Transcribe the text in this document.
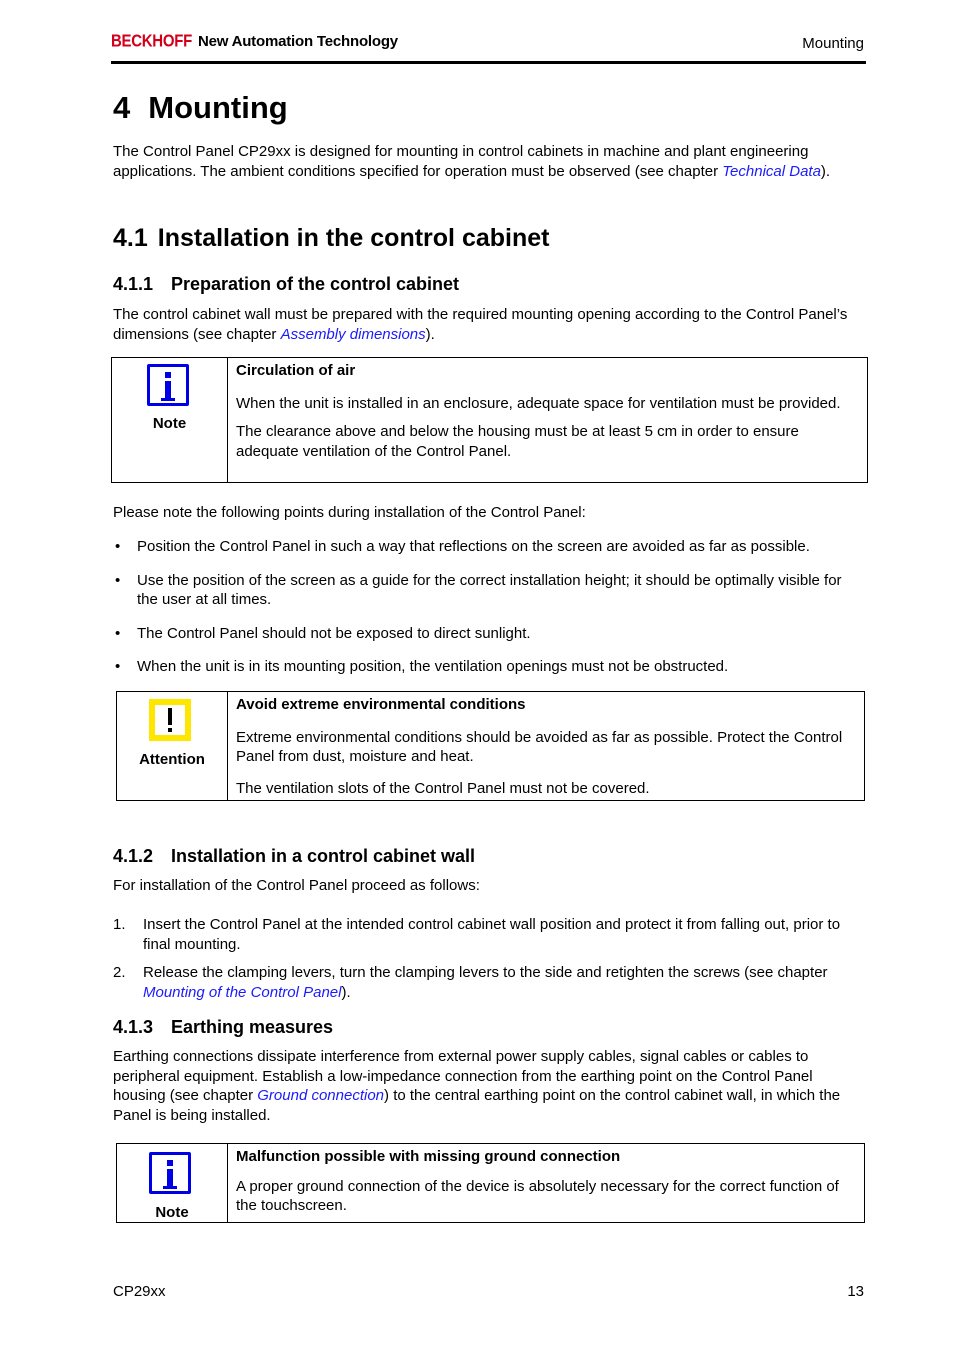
BECKHOFF New Automation Technology	Mounting
4 Mounting

The Control Panel CP29xx is designed for mounting in control cabinets in machine and plant engineering applications. The ambient conditions specified for operation must be observed (see chapter Technical Data).

4.1 Installation in the control cabinet
4.1.1 Preparation of the control cabinet

The control cabinet wall must be prepared with the required mounting opening according to the Control Panel’s dimensions (see chapter Assembly dimensions).

Note

Circulation of air

When the unit is installed in an enclosure, adequate space for ventilation must be provided.

The clearance above and below the housing must be at least 5 cm in order to ensure adequate ventilation of the Control Panel.

Please note the following points during installation of the Control Panel:

• Position the Control Panel in such a way that reflections on the screen are avoided as far as possible.
• Use the position of the screen as a guide for the correct installation height; it should be optimally visible for the user at all times.
• The Control Panel should not be exposed to direct sunlight.
• When the unit is in its mounting position, the ventilation openings must not be obstructed.
Attention

Avoid extreme environmental conditions

Extreme environmental conditions should be avoided as far as possible. Protect the Control Panel from dust, moisture and heat.

The ventilation slots of the Control Panel must not be covered.

4.1.2 Installation in a control cabinet wall

For installation of the Control Panel proceed as follows:

1. Insert the Control Panel at the intended control cabinet wall position and protect it from falling out, prior to final mounting.
2. Release the clamping levers, turn the clamping levers to the side and retighten the screws (see chapter Mounting of the Control Panel).
4.1.3 Earthing measures

Earthing connections dissipate interference from external power supply cables, signal cables or cables to peripheral equipment. Establish a low-impedance connection from the earthing point on the Control Panel housing (see chapter Ground connection) to the central earthing point on the control cabinet wall, in which the Panel is being installed.

Note

Malfunction possible with missing ground connection

A proper ground connection of the device is absolutely necessary for the correct function of the touchscreen.

CP29xx	13
